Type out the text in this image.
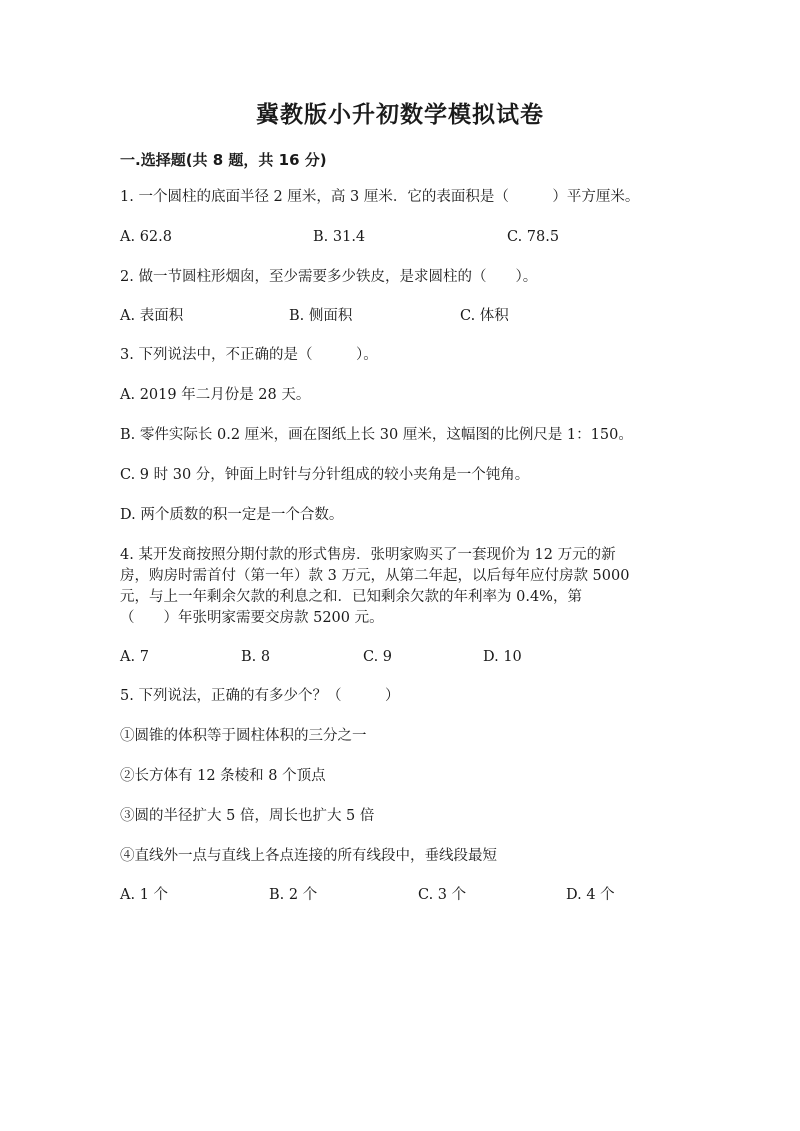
冀教版小升初数学模拟试卷
一.选择题(共 8 题，共 16 分)
1. 一个圆柱的底面半径 2 厘米，高 3 厘米．它的表面积是（　　　）平方厘米。
A. 62.8	B. 31.4	C. 78.5
2. 做一节圆柱形烟囱，至少需要多少铁皮，是求圆柱的（　　）。
A. 表面积	B. 侧面积	C. 体积
3. 下列说法中，不正确的是（　　　）。
A. 2019 年二月份是 28 天。
B. 零件实际长 0.2 厘米，画在图纸上长 30 厘米，这幅图的比例尺是 1：150。
C. 9 时 30 分，钟面上时针与分针组成的较小夹角是一个钝角。
D. 两个质数的积一定是一个合数。
4. 某开发商按照分期付款的形式售房．张明家购买了一套现价为 12 万元的新
房，购房时需首付（第一年）款 3 万元，从第二年起，以后每年应付房款 5000
元，与上一年剩余欠款的利息之和．已知剩余欠款的年利率为 0.4%，第
（　　）年张明家需要交房款 5200 元。
A. 7	B. 8	C. 9	D. 10
5. 下列说法，正确的有多少个？（　　　）
①圆锥的体积等于圆柱体积的三分之一
②长方体有 12 条棱和 8 个顶点
③圆的半径扩大 5 倍，周长也扩大 5 倍
④直线外一点与直线上各点连接的所有线段中，垂线段最短
A. 1 个	B. 2 个	C. 3 个	D. 4 个
